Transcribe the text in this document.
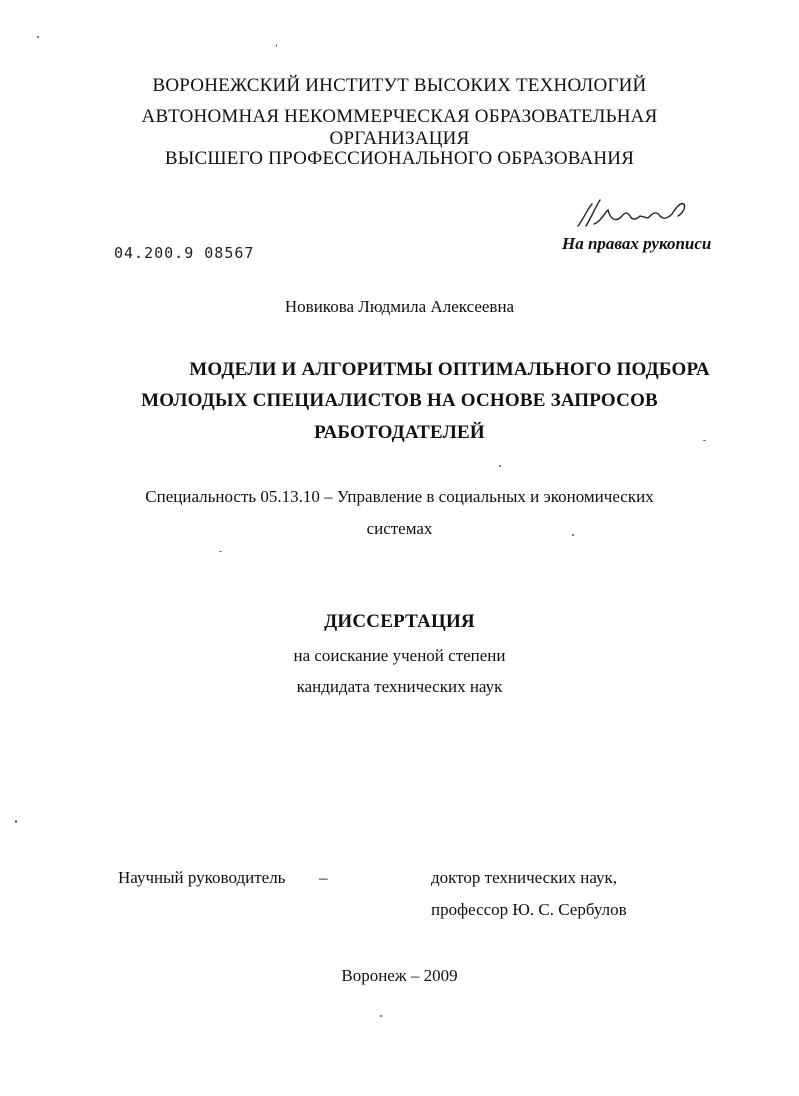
ВОРОНЕЖСКИЙ ИНСТИТУТ ВЫСОКИХ ТЕХНОЛОГИЙ
АВТОНОМНАЯ НЕКОММЕРЧЕСКАЯ ОБРАЗОВАТЕЛЬНАЯ
ОРГАНИЗАЦИЯ
ВЫСШЕГО ПРОФЕССИОНАЛЬНОГО ОБРАЗОВАНИЯ
04.200.9 08567	На правах рукописи
Новикова Людмила Алексеевна
МОДЕЛИ И АЛГОРИТМЫ ОПТИМАЛЬНОГО ПОДБОРА
МОЛОДЫХ СПЕЦИАЛИСТОВ НА ОСНОВЕ ЗАПРОСОВ
РАБОТОДАТЕЛЕЙ
Специальность 05.13.10 – Управление в социальных и экономических
системах
ДИССЕРТАЦИЯ
на соискание ученой степени
кандидата технических наук
Научный руководитель –	доктор технических наук,
профессор Ю. С. Сербулов
Воронеж – 2009
